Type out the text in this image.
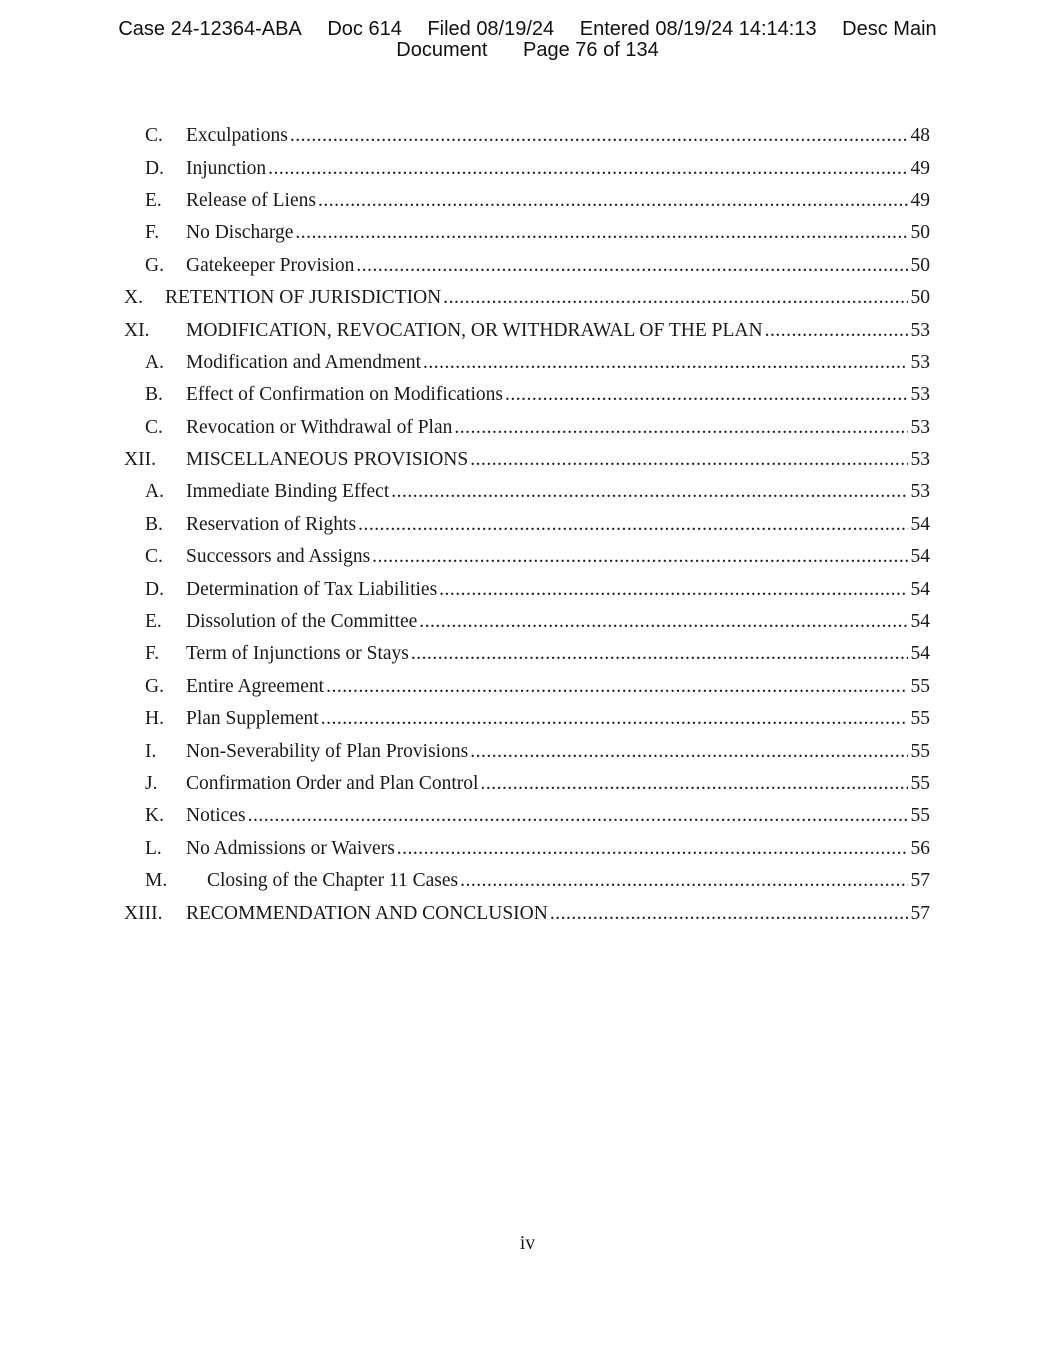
Case 24-12364-ABA Doc 614 Filed 08/19/24 Entered 08/19/24 14:14:13 Desc Main
Document Page 76 of 134
C.	Exculpations .....	48
D.	Injunction .....	49
E.	Release of Liens .....	49
F.	No Discharge .....	50
G.	Gatekeeper Provision .....	50
X.	RETENTION OF JURISDICTION .....	50
XI.	MODIFICATION, REVOCATION, OR WITHDRAWAL OF THE PLAN .....	53
A.	Modification and Amendment .....	53
B.	Effect of Confirmation on Modifications .....	53
C.	Revocation or Withdrawal of Plan .....	53
XII.	MISCELLANEOUS PROVISIONS .....	53
A.	Immediate Binding Effect .....	53
B.	Reservation of Rights .....	54
C.	Successors and Assigns .....	54
D.	Determination of Tax Liabilities .....	54
E.	Dissolution of the Committee .....	54
F.	Term of Injunctions or Stays .....	54
G.	Entire Agreement .....	55
H.	Plan Supplement .....	55
I.	Non-Severability of Plan Provisions .....	55
J.	Confirmation Order and Plan Control .....	55
K.	Notices .....	55
L.	No Admissions or Waivers .....	56
M.	Closing of the Chapter 11 Cases .....	57
XIII.	RECOMMENDATION AND CONCLUSION .....	57
iv
